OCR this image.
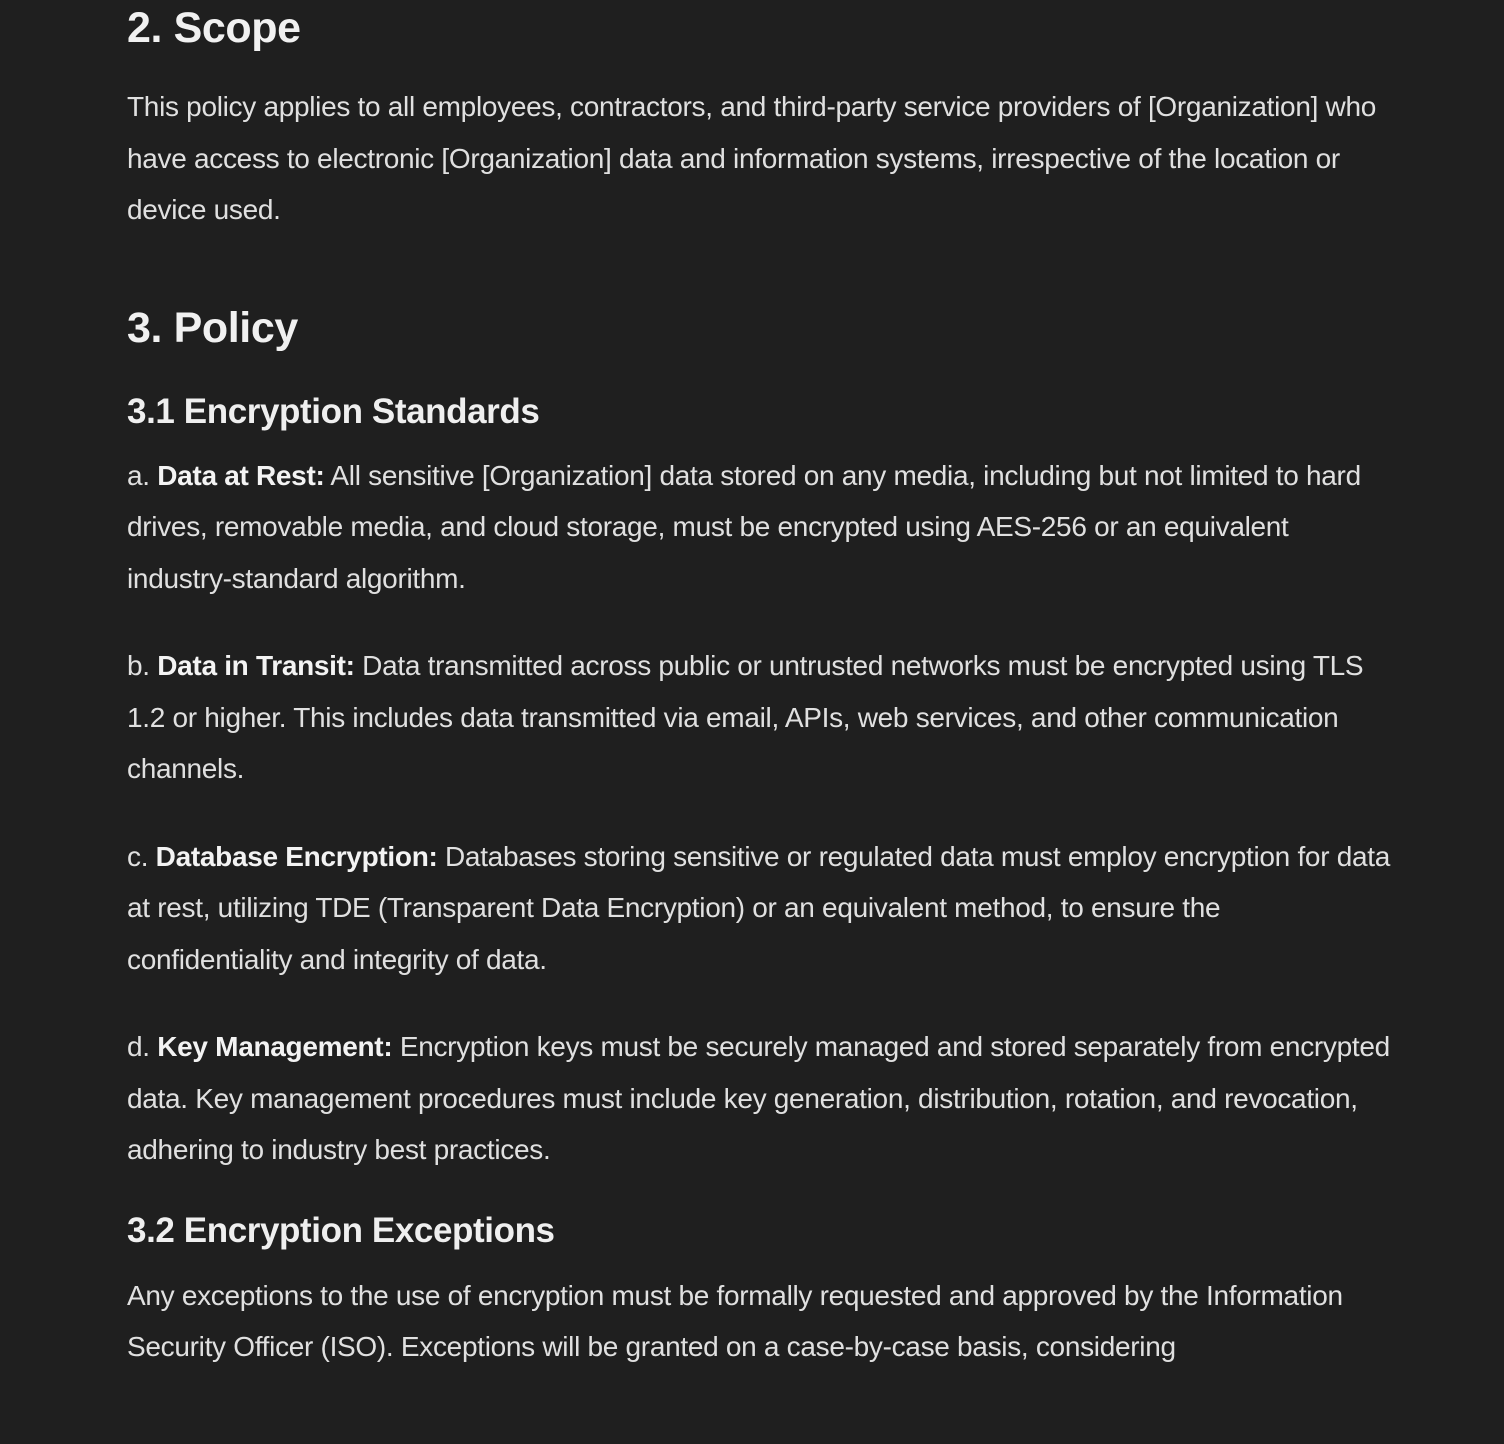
2. Scope

This policy applies to all employees, contractors, and third-party service providers of [Organization] who have access to electronic [Organization] data and information systems, irrespective of the location or device used.

3. Policy
3.1 Encryption Standards

a. Data at Rest: All sensitive [Organization] data stored on any media, including but not limited to hard drives, removable media, and cloud storage, must be encrypted using AES-256 or an equivalent industry-standard algorithm.

b. Data in Transit: Data transmitted across public or untrusted networks must be encrypted using TLS 1.2 or higher. This includes data transmitted via email, APIs, web services, and other communication channels.

c. Database Encryption: Databases storing sensitive or regulated data must employ encryption for data at rest, utilizing TDE (Transparent Data Encryption) or an equivalent method, to ensure the confidentiality and integrity of data.

d. Key Management: Encryption keys must be securely managed and stored separately from encrypted data. Key management procedures must include key generation, distribution, rotation, and revocation, adhering to industry best practices.

3.2 Encryption Exceptions

Any exceptions to the use of encryption must be formally requested and approved by the Information Security Officer (ISO). Exceptions will be granted on a case-by-case basis, considering
